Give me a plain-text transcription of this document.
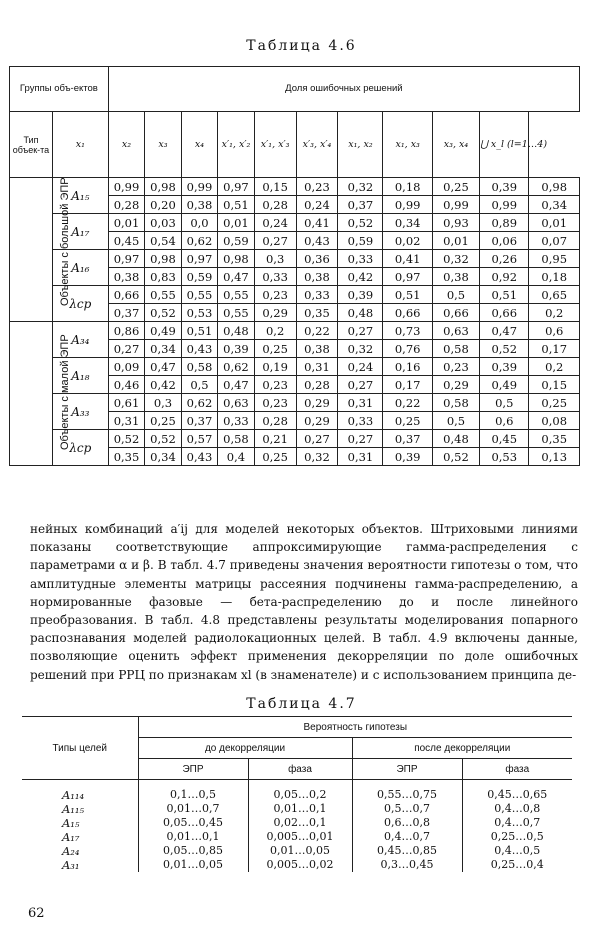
Таблица 4.6
Группы объ-ектов		Доля ошибочных решений										
Тип объек-та	x₁	x₂	x₃	x₄	x′₁, x′₂	x′₁, x′₃	x′₃, x′₄	x₁, x₂	x₁, x₃	x₃, x₄	⋃ x_l (l=1…4)	
Объекты с большой ЭПР	A₁₅	0,99	0,98	0,99	0,97	0,15	0,23	0,32	0,18	0,25	0,39	0,98
		0,28	0,20	0,38	0,51	0,28	0,24	0,37	0,99	0,99	0,99	0,34
	A₁₇	0,01	0,03	0,0	0,01	0,24	0,41	0,52	0,34	0,93	0,89	0,01
		0,45	0,54	0,62	0,59	0,27	0,43	0,59	0,02	0,01	0,06	0,07
	A₁₆	0,97	0,98	0,97	0,98	0,3	0,36	0,33	0,41	0,32	0,26	0,95
		0,38	0,83	0,59	0,47	0,33	0,38	0,42	0,97	0,38	0,92	0,18
	λcp	0,66	0,55	0,55	0,55	0,23	0,33	0,39	0,51	0,5	0,51	0,65
		0,37	0,52	0,53	0,55	0,29	0,35	0,48	0,66	0,66	0,66	0,2
Объекты с малой ЭПР	A₃₄	0,86	0,49	0,51	0,48	0,2	0,22	0,27	0,73	0,63	0,47	0,6
		0,27	0,34	0,43	0,39	0,25	0,38	0,32	0,76	0,58	0,52	0,17
	A₁₈	0,09	0,47	0,58	0,62	0,19	0,31	0,24	0,16	0,23	0,39	0,2
		0,46	0,42	0,5	0,47	0,23	0,28	0,27	0,17	0,29	0,49	0,15
	A₃₃	0,61	0,3	0,62	0,63	0,23	0,29	0,31	0,22	0,58	0,5	0,25
		0,31	0,25	0,37	0,33	0,28	0,29	0,33	0,25	0,5	0,6	0,08
	λcp	0,52	0,52	0,57	0,58	0,21	0,27	0,27	0,37	0,48	0,45	0,35
		0,35	0,34	0,43	0,4	0,25	0,32	0,31	0,39	0,52	0,53	0,13
нейных комбинаций a′ij для моделей некоторых объектов. Штриховыми линиями показаны соответствующие аппроксимирующие гамма-распределения с параметрами α и β. В табл. 4.7 приведены значения вероятности гипотезы о том, что амплитудные элементы матрицы рассеяния подчинены гамма-распределению, а нормированные фазовые — бета-распределению до и после линейного преобразования. В табл. 4.8 представлены результаты моделирования попарного распознавания моделей радиолокационных целей. В табл. 4.9 включены данные, позволяющие оценить эффект применения декорреляции по доле ошибочных решений при РРЦ по признакам xl (в знаменателе) и с использованием принципа де-
Таблица 4.7
Типы целей	Вероятность гипотезы			
	до декорреляции		после декорреляции	
	ЭПР	фаза	ЭПР	фаза
A₁₁₄	0,1…0,5	0,05…0,2	0,55…0,75	0,45…0,65
A₁₁₅	0,01…0,7	0,01…0,1	0,5…0,7	0,4…0,8
A₁₅	0,05…0,45	0,02…0,1	0,6…0,8	0,4…0,7
A₁₇	0,01…0,1	0,005…0,01	0,4…0,7	0,25…0,5
A₂₄	0,05…0,85	0,01…0,05	0,45…0,85	0,4…0,5
A₃₁	0,01…0,05	0,005…0,02	0,3…0,45	0,25…0,4
62
